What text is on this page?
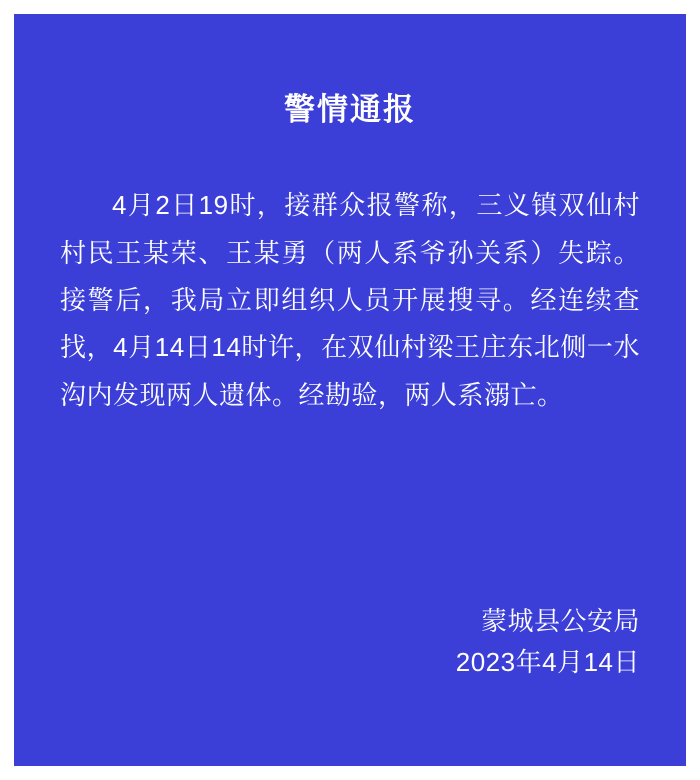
警情通报

4月2日19时，接群众报警称，三义镇双仙村村民王某荣、王某勇（两人系爷孙关系）失踪。接警后，我局立即组织人员开展搜寻。经连续查找，4月14日14时许，在双仙村梁王庄东北侧一水沟内发现两人遗体。经勘验，两人系溺亡。

蒙城县公安局
2023年4月14日
